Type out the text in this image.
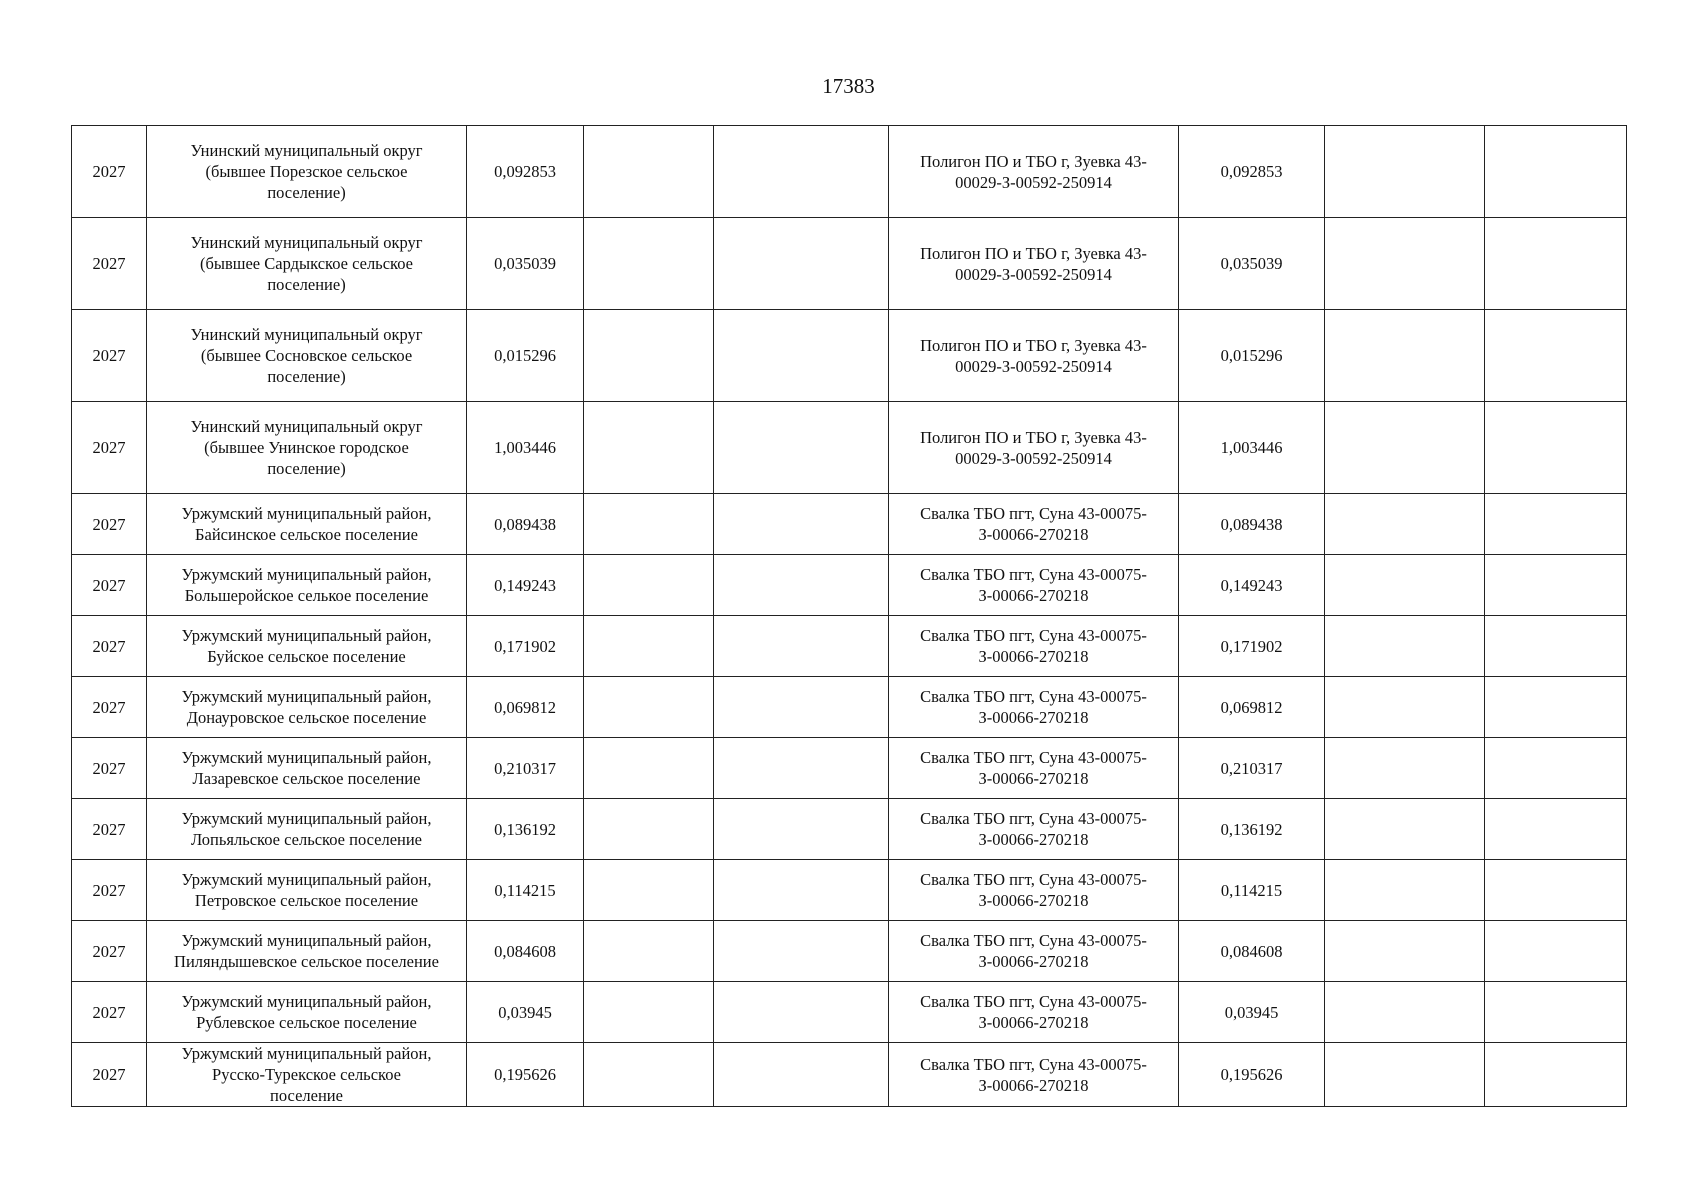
17383
2027	Унинский муниципальный округ
(бывшее Порезское сельское
поселение)	0,092853			Полигон ПО и ТБО г, Зуевка 43-
00029-З-00592-250914	0,092853		
2027	Унинский муниципальный округ
(бывшее Сардыкское сельское
поселение)	0,035039			Полигон ПО и ТБО г, Зуевка 43-
00029-З-00592-250914	0,035039		
2027	Унинский муниципальный округ
(бывшее Сосновское сельское
поселение)	0,015296			Полигон ПО и ТБО г, Зуевка 43-
00029-З-00592-250914	0,015296		
2027	Унинский муниципальный округ
(бывшее Унинское городское
поселение)	1,003446			Полигон ПО и ТБО г, Зуевка 43-
00029-З-00592-250914	1,003446		
2027	Уржумский муниципальный район,
Байсинское сельское поселение	0,089438			Свалка ТБО пгт, Суна 43-00075-
З-00066-270218	0,089438		
2027	Уржумский муниципальный район,
Большеройское селькое поселение	0,149243			Свалка ТБО пгт, Суна 43-00075-
З-00066-270218	0,149243		
2027	Уржумский муниципальный район,
Буйское сельское поселение	0,171902			Свалка ТБО пгт, Суна 43-00075-
З-00066-270218	0,171902		
2027	Уржумский муниципальный район,
Донауровское сельское поселение	0,069812			Свалка ТБО пгт, Суна 43-00075-
З-00066-270218	0,069812		
2027	Уржумский муниципальный район,
Лазаревское сельское поселение	0,210317			Свалка ТБО пгт, Суна 43-00075-
З-00066-270218	0,210317		
2027	Уржумский муниципальный район,
Лопьяльское сельское поселение	0,136192			Свалка ТБО пгт, Суна 43-00075-
З-00066-270218	0,136192		
2027	Уржумский муниципальный район,
Петровское сельское поселение	0,114215			Свалка ТБО пгт, Суна 43-00075-
З-00066-270218	0,114215		
2027	Уржумский муниципальный район,
Пиляндышевское сельское поселение	0,084608			Свалка ТБО пгт, Суна 43-00075-
З-00066-270218	0,084608		
2027	Уржумский муниципальный район,
Рублевское сельское поселение	0,03945			Свалка ТБО пгт, Суна 43-00075-
З-00066-270218	0,03945		
2027	Уржумский муниципальный район,
Русско-Турекское сельское
поселение	0,195626			Свалка ТБО пгт, Суна 43-00075-
З-00066-270218	0,195626		
